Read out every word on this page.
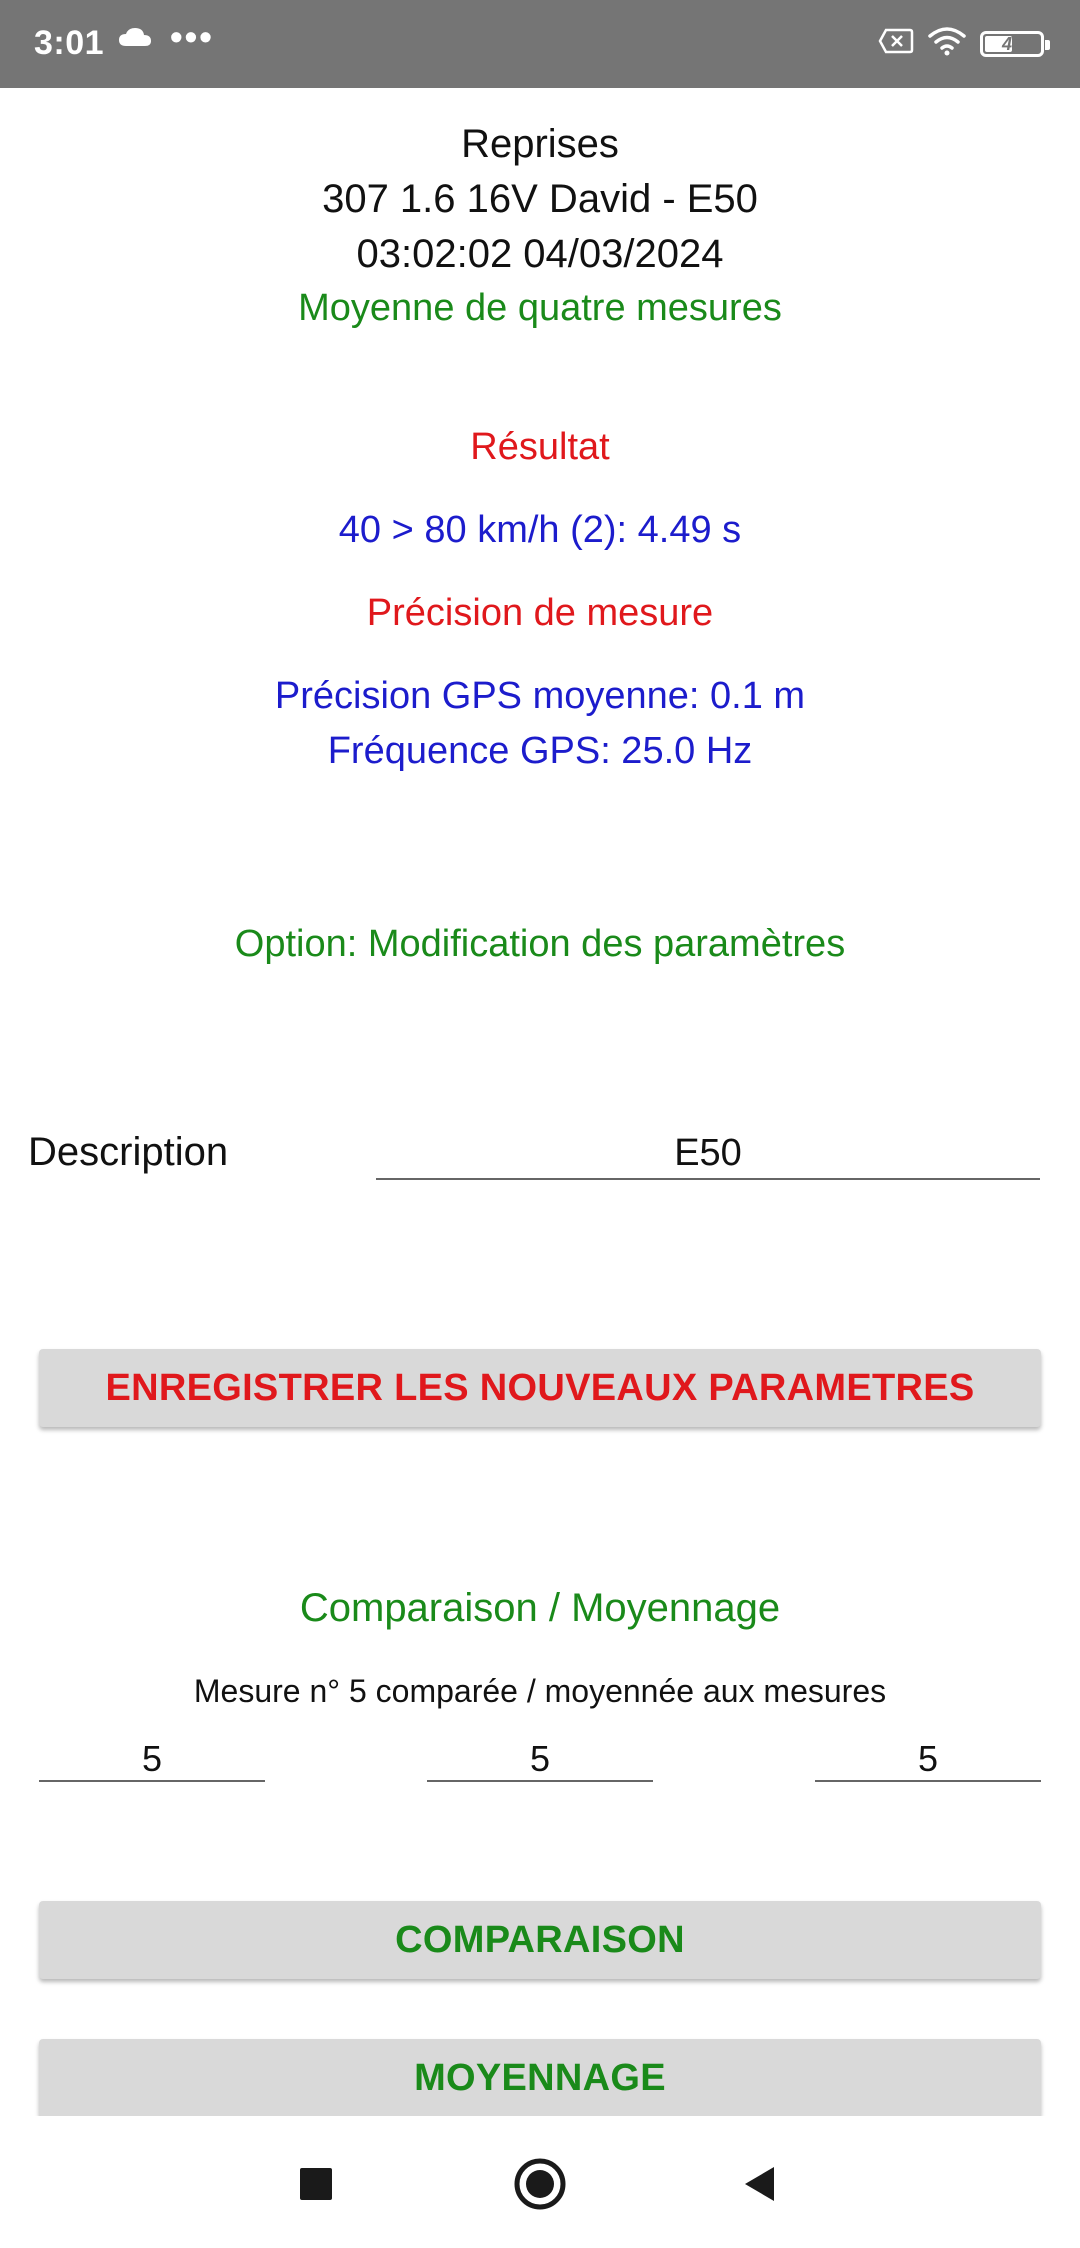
3:01 •••	47
Reprises
307 1.6 16V David - E50
03:02:02 04/03/2024
Moyenne de quatre mesures
Résultat
40 > 80 km/h (2): 4.49 s
Précision de mesure
Précision GPS moyenne: 0.1 m
Fréquence GPS: 25.0 Hz
Option: Modification des paramètres
Description
E50
ENREGISTRER LES NOUVEAUX PARAMETRES
Comparaison / Moyennage
Mesure n° 5 comparée / moyennée aux mesures
5
5
5
COMPARAISON
MOYENNAGE
